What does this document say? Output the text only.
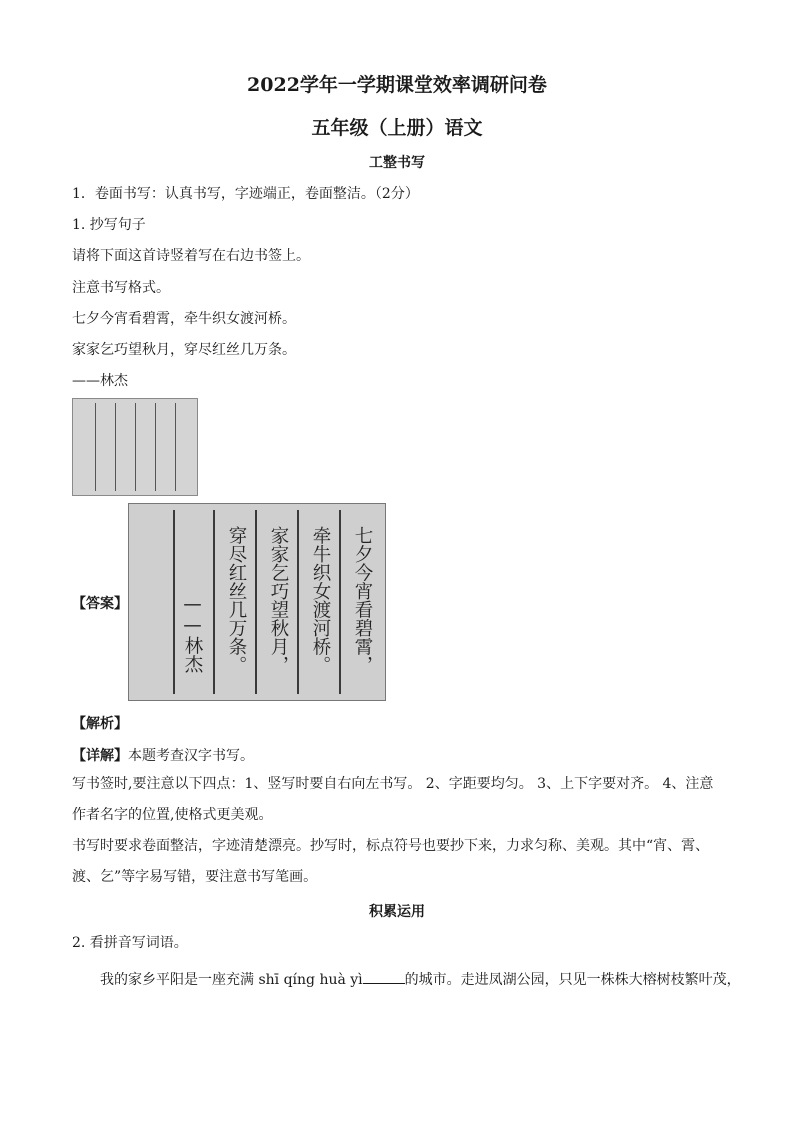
2022学年一学期课堂效率调研问卷
五年级（上册）语文
工整书写
1．卷面书写：认真书写，字迹端正，卷面整洁。（2分）
1. 抄写句子
请将下面这首诗竖着写在右边书签上。
注意书写格式。
七夕今宵看碧霄，牵牛织女渡河桥。
家家乞巧望秋月，穿尽红丝几万条。
——林杰
【答案】	七夕今宵看碧霄，
牵牛织女渡河桥。
家家乞巧望秋月，
穿尽红丝几万条。
——林杰
【解析】
【详解】本题考查汉字书写。
写书签时,要注意以下四点：1、竖写时要自右向左书写。 2、字距要均匀。 3、上下字要对齐。 4、注意作者名字的位置,使格式更美观。
书写时要求卷面整洁，字迹清楚漂亮。抄写时，标点符号也要抄下来，力求匀称、美观。其中“宵、霄、渡、乞”等字易写错，要注意书写笔画。
积累运用
2. 看拼音写词语。
我的家乡平阳是一座充满 shī qíng huà yì	的城市。走进凤湖公园，只见一株株大榕树枝繁叶茂，
